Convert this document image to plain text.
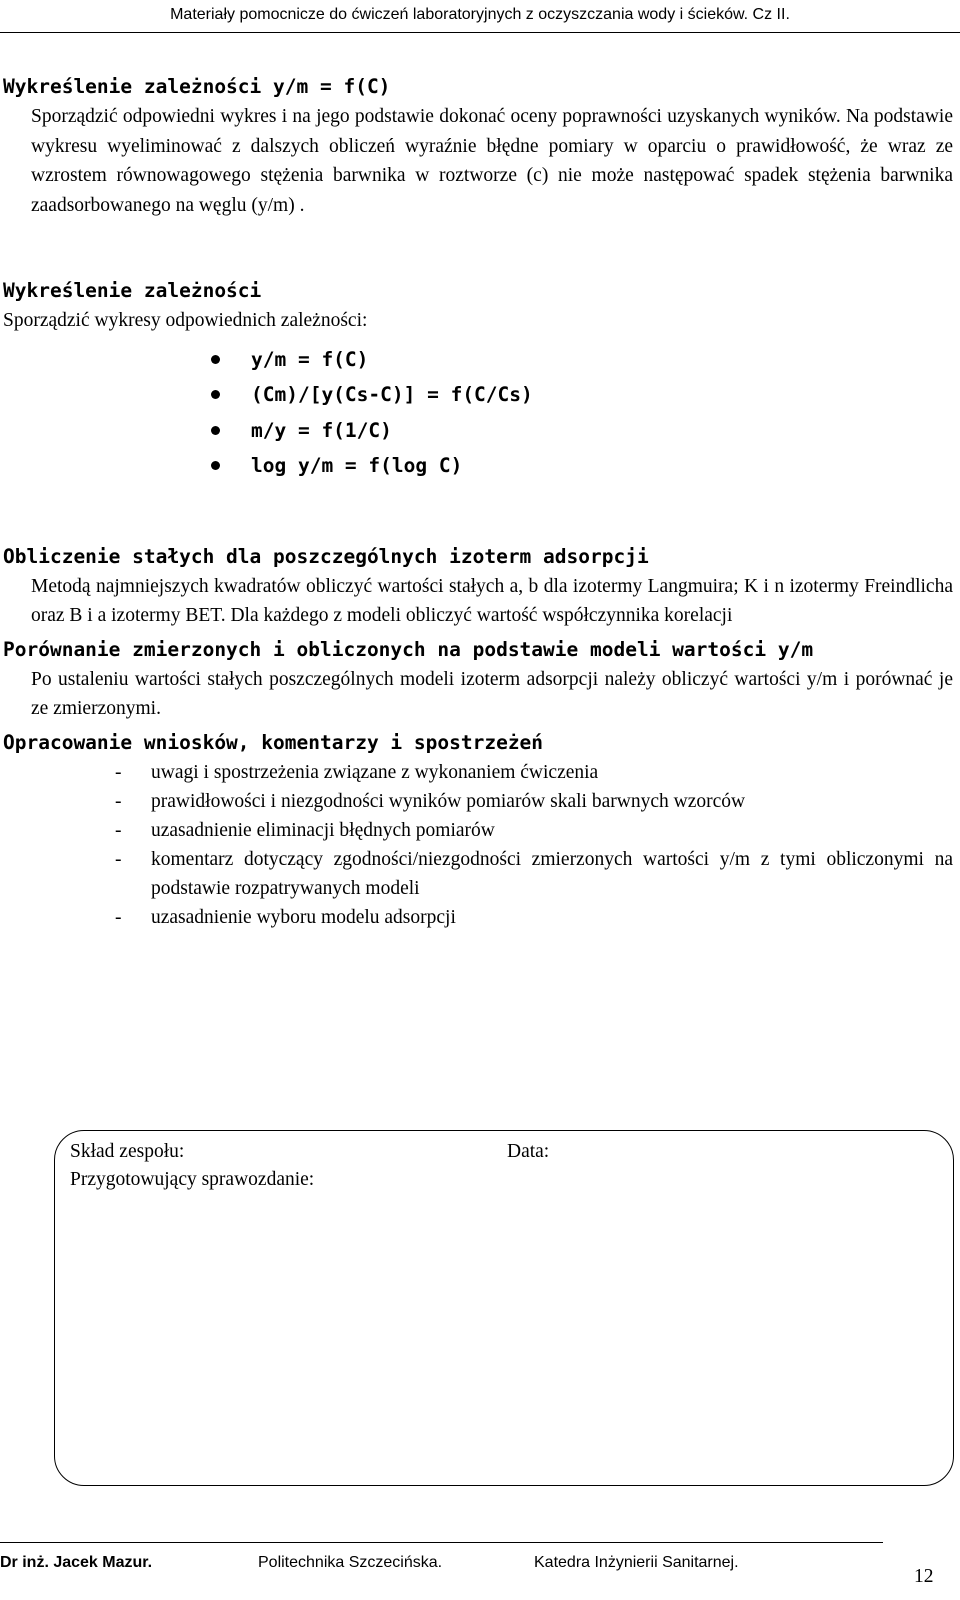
Materiały pomocnicze do ćwiczeń laboratoryjnych z oczyszczania wody i ścieków. Cz II.
Wykreślenie zależności y/m = f(C)
Sporządzić odpowiedni wykres i na jego podstawie dokonać oceny poprawności uzyskanych wyników. Na podstawie wykresu wyeliminować z dalszych obliczeń wyraźnie błędne pomiary w oparciu o prawidłowość, że wraz ze wzrostem równowagowego stężenia barwnika w roztworze (c) nie może następować spadek stężenia barwnika zaadsorbowanego na węglu (y/m) .
Wykreślenie zależności
Sporządzić wykresy odpowiednich zależności:
y/m = f(C)
(Cm)/[y(Cs-C)] = f(C/Cs)
m/y = f(1/C)
log y/m = f(log C)
Obliczenie stałych dla poszczególnych izoterm adsorpcji
Metodą najmniejszych kwadratów obliczyć wartości stałych a, b dla izotermy Langmuira; K i n izotermy Freindlicha oraz B i a izotermy BET. Dla każdego z modeli obliczyć wartość współczynnika korelacji
Porównanie zmierzonych i obliczonych na podstawie modeli wartości y/m
Po ustaleniu wartości stałych poszczególnych modeli izoterm adsorpcji należy obliczyć wartości y/m i porównać je ze zmierzonymi.
Opracowanie wniosków, komentarzy i spostrzeżeń
- uwagi i spostrzeżenia związane z wykonaniem ćwiczenia
- prawidłowości i niezgodności wyników pomiarów skali barwnych wzorców
- uzasadnienie eliminacji błędnych pomiarów
- komentarz dotyczący zgodności/niezgodności zmierzonych wartości y/m z tymi obliczonymi na podstawie rozpatrywanych modeli
- uzasadnienie wyboru modelu adsorpcji
Skład zespołu:	Data:
Przygotowujący sprawozdanie:
Dr inż. Jacek Mazur.	Politechnika Szczecińska.	Katedra Inżynierii Sanitarnej.
12
